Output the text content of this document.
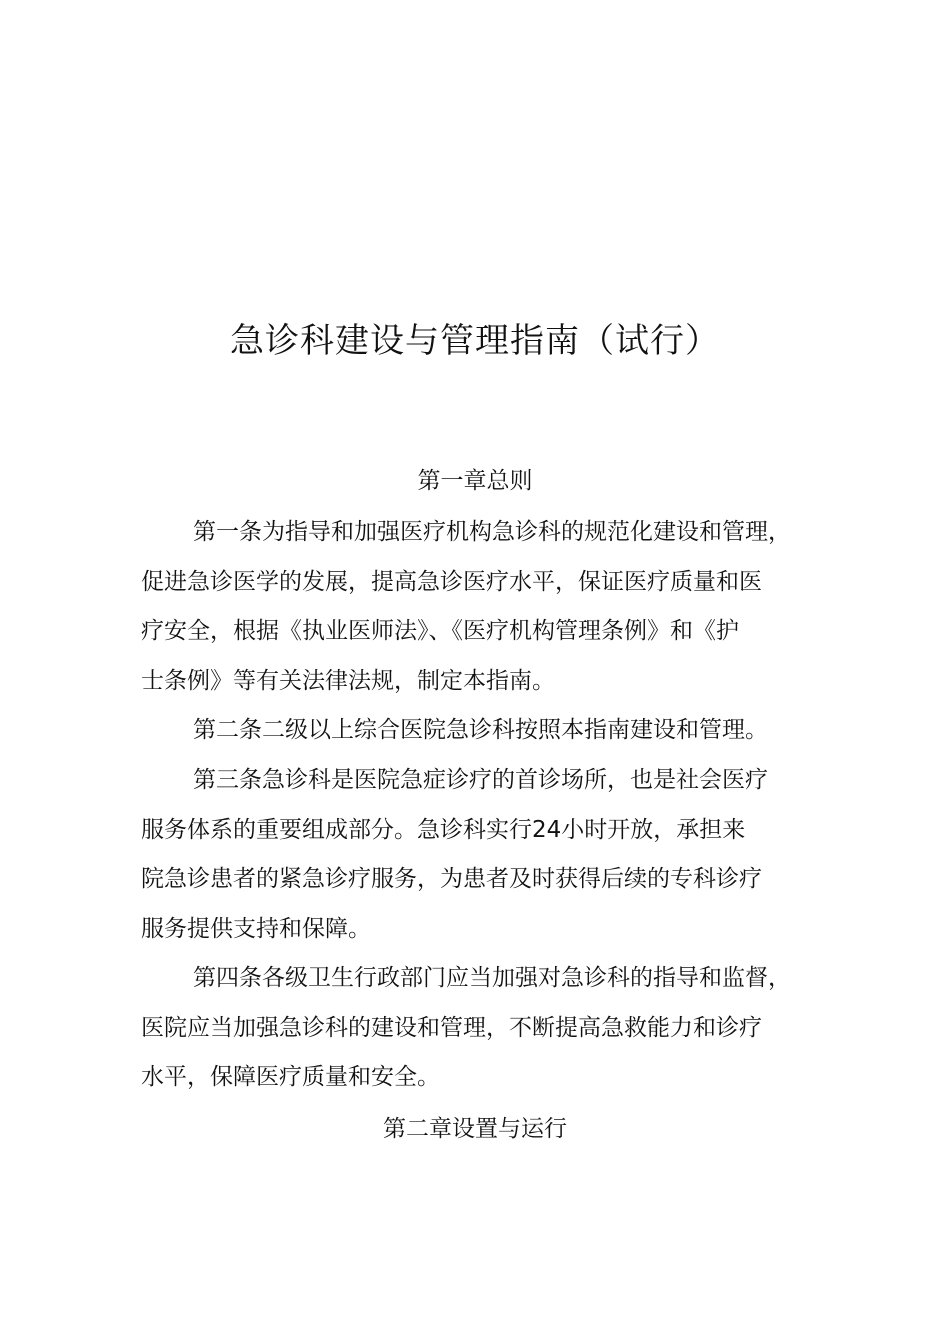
急诊科建设与管理指南（试行）
第一章总则
第一条为指导和加强医疗机构急诊科的规范化建设和管理，
促进急诊医学的发展，提高急诊医疗水平，保证医疗质量和医
疗安全，根据《执业医师法》、《医疗机构管理条例》和《护
士条例》等有关法律法规，制定本指南。
第二条二级以上综合医院急诊科按照本指南建设和管理。
第三条急诊科是医院急症诊疗的首诊场所，也是社会医疗
服务体系的重要组成部分。急诊科实行24小时开放，承担来
院急诊患者的紧急诊疗服务，为患者及时获得后续的专科诊疗
服务提供支持和保障。
第四条各级卫生行政部门应当加强对急诊科的指导和监督，
医院应当加强急诊科的建设和管理，不断提高急救能力和诊疗
水平，保障医疗质量和安全。
第二章设置与运行
